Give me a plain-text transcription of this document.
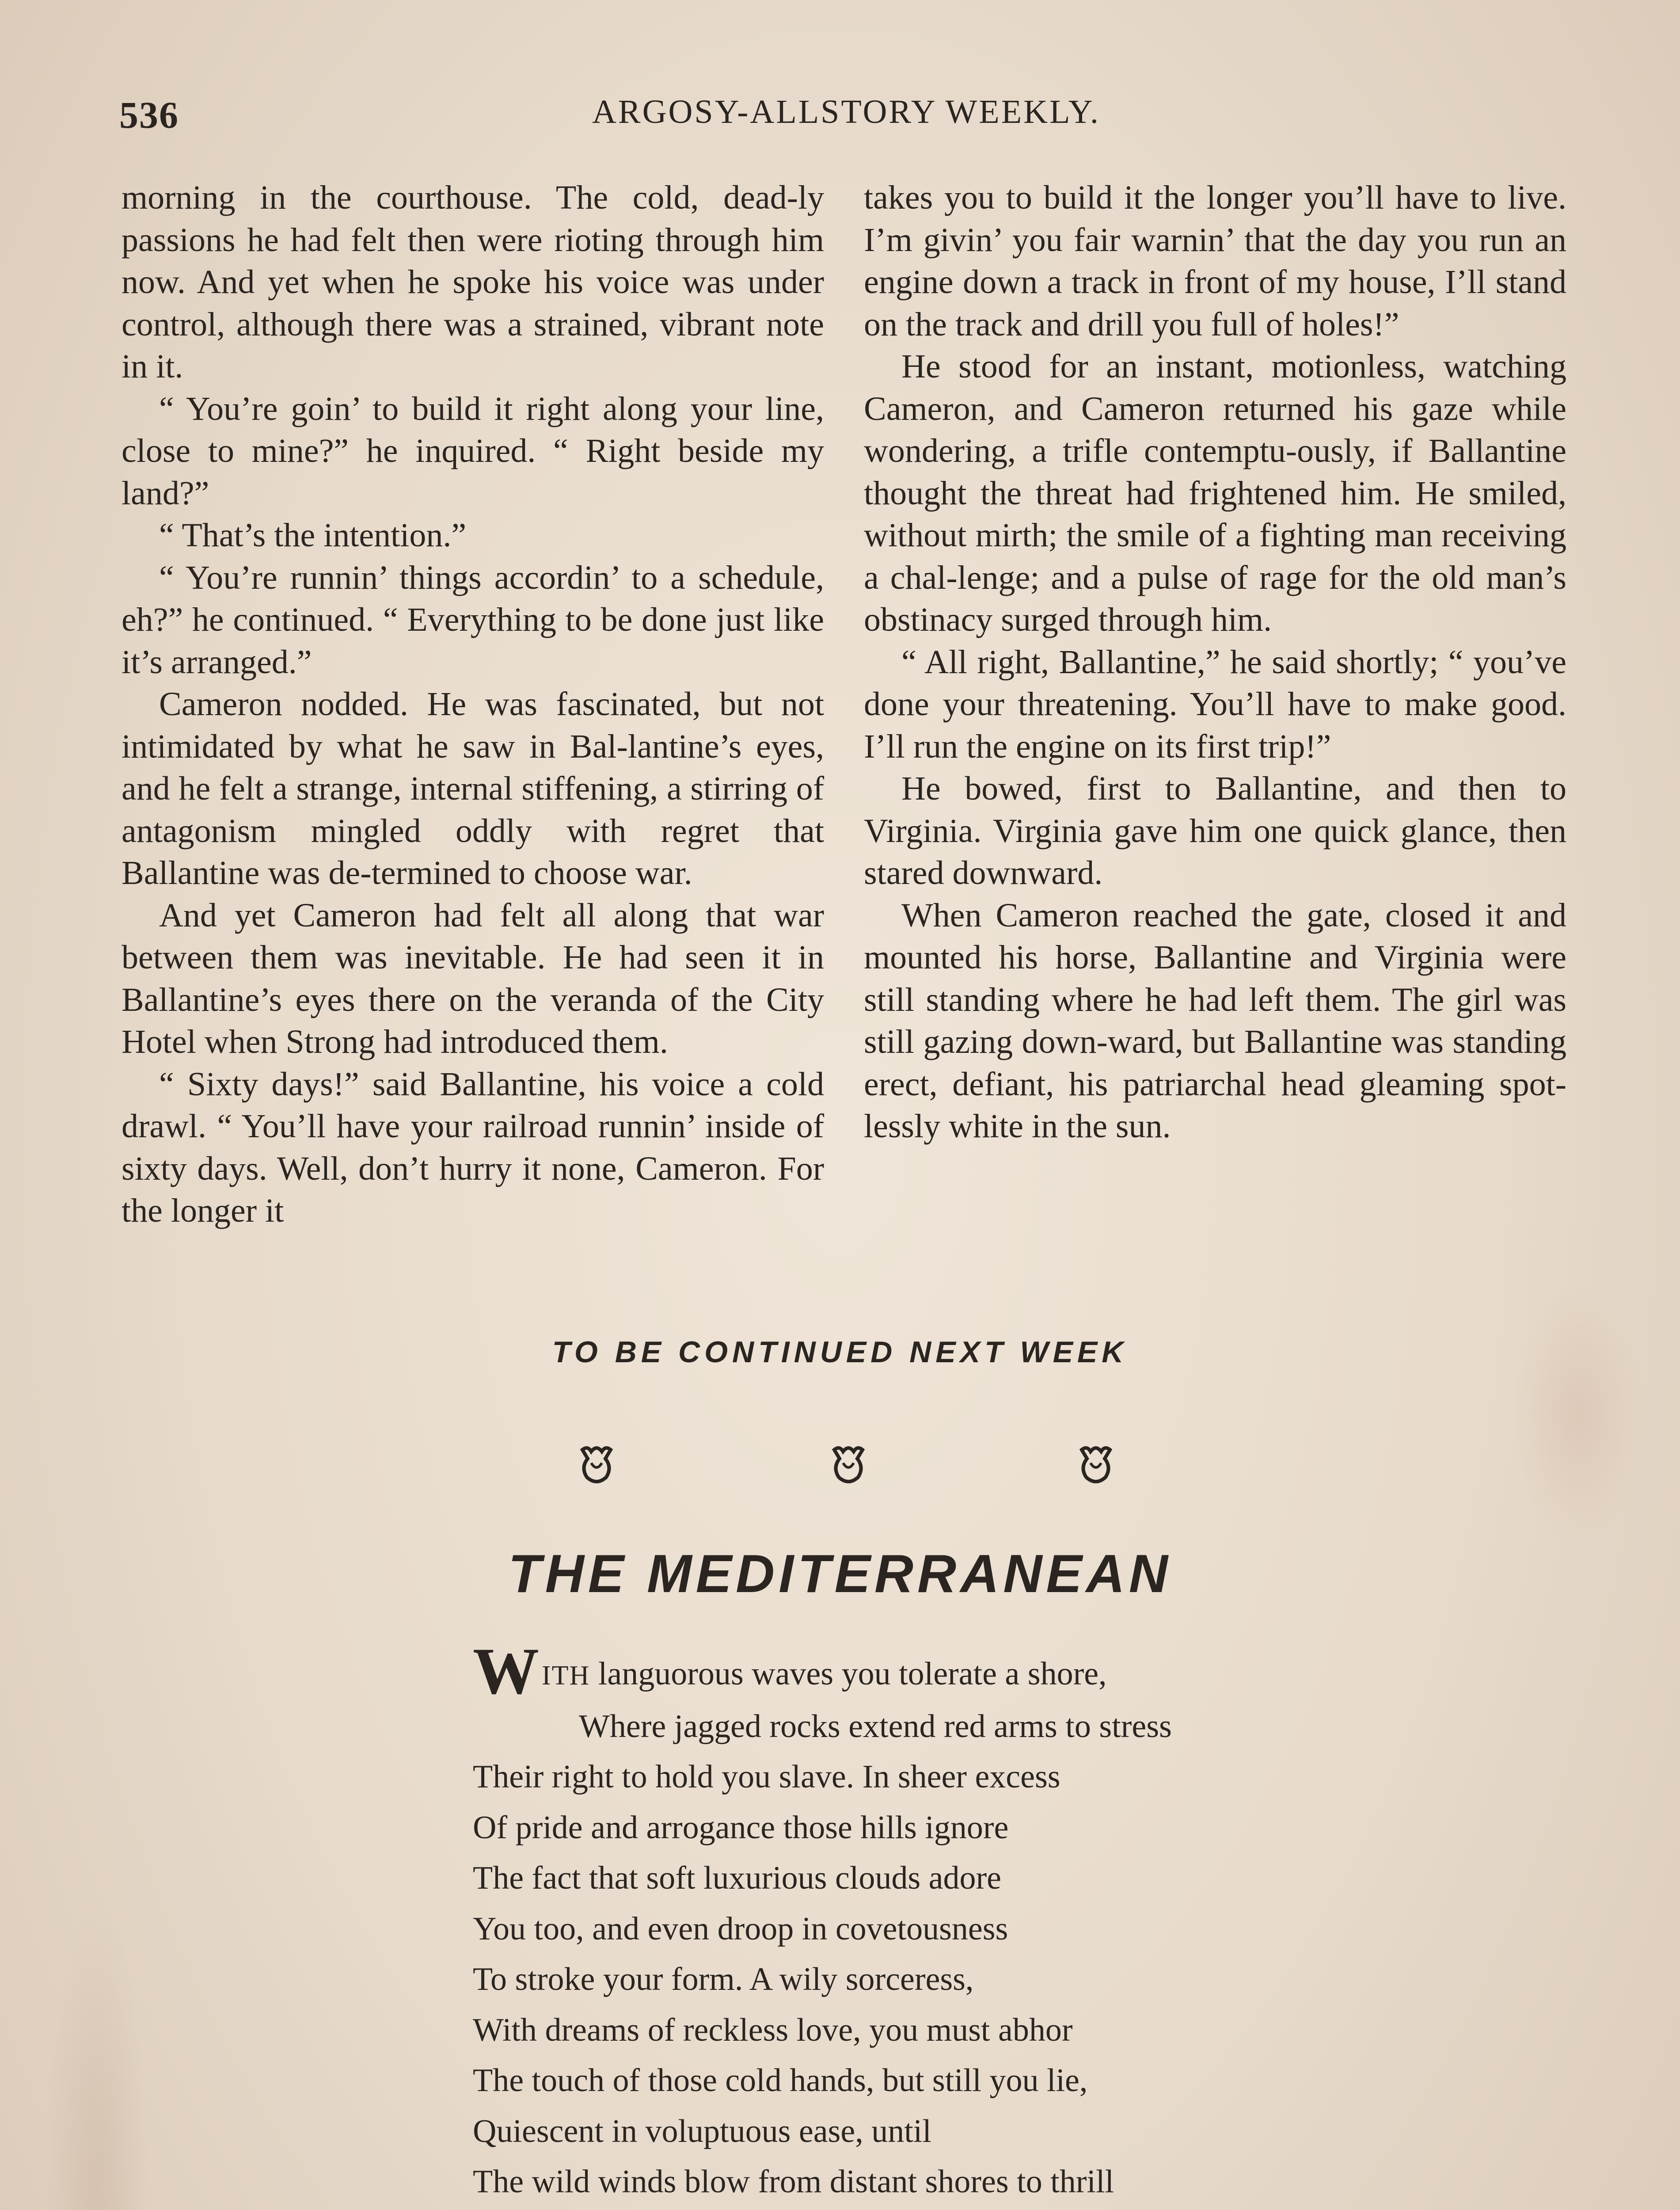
536	ARGOSY-ALLSTORY WEEKLY.

morning in the courthouse. The cold, dead-ly passions he had felt then were rioting through him now. And yet when he spoke his voice was under control, although there was a strained, vibrant note in it.

“ You’re goin’ to build it right along your line, close to mine?” he inquired. “ Right beside my land?”

“ That’s the intention.”

“ You’re runnin’ things accordin’ to a schedule, eh?” he continued. “ Everything to be done just like it’s arranged.”

Cameron nodded. He was fascinated, but not intimidated by what he saw in Bal-lantine’s eyes, and he felt a strange, internal stiffening, a stirring of antagonism mingled oddly with regret that Ballantine was de-termined to choose war.

And yet Cameron had felt all along that war between them was inevitable. He had seen it in Ballantine’s eyes there on the veranda of the City Hotel when Strong had introduced them.

“ Sixty days!” said Ballantine, his voice a cold drawl. “ You’ll have your railroad runnin’ inside of sixty days. Well, don’t hurry it none, Cameron. For the longer it

takes you to build it the longer you’ll have to live. I’m givin’ you fair warnin’ that the day you run an engine down a track in front of my house, I’ll stand on the track and drill you full of holes!”

He stood for an instant, motionless, watching Cameron, and Cameron returned his gaze while wondering, a trifle contemptu-ously, if Ballantine thought the threat had frightened him. He smiled, without mirth; the smile of a fighting man receiving a chal-lenge; and a pulse of rage for the old man’s obstinacy surged through him.

“ All right, Ballantine,” he said shortly; “ you’ve done your threatening. You’ll have to make good. I’ll run the engine on its first trip!”

He bowed, first to Ballantine, and then to Virginia. Virginia gave him one quick glance, then stared downward.

When Cameron reached the gate, closed it and mounted his horse, Ballantine and Virginia were still standing where he had left them. The girl was still gazing down-ward, but Ballantine was standing erect, defiant, his patriarchal head gleaming spot-lessly white in the sun.

TO BE CONTINUED NEXT WEEK
THE MEDITERRANEAN
WITH languorous waves you tolerate a shore,
Where jagged rocks extend red arms to stress
Their right to hold you slave. In sheer excess
Of pride and arrogance those hills ignore
The fact that soft luxurious clouds adore
You too, and even droop in covetousness
To stroke your form. A wily sorceress,
With dreams of reckless love, you must abhor
The touch of those cold hands, but still you lie,
Quiescent in voluptuous ease, until
The wild winds blow from distant shores to thrill
